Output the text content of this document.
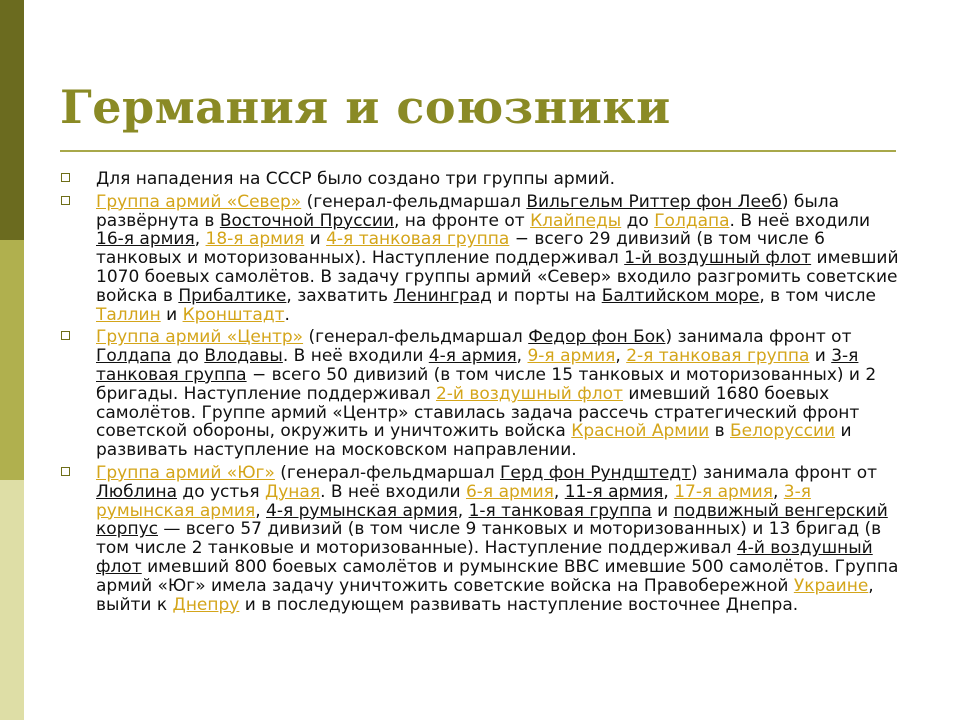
Германия и союзники
Для нападения на СССР было создано три группы армий.
Группа армий «Север» (генерал-фельдмаршал Вильгельм Риттер фон Лееб) была развёрнута в Восточной Пруссии, на фронте от Клайпеды до Голдапа. В неё входили 16-я армия, 18-я армия и 4-я танковая группа − всего 29 дивизий (в том числе 6 танковых и моторизованных). Наступление поддерживал 1-й воздушный флот имевший 1070 боевых самолётов. В задачу группы армий «Север» входило разгромить советские войска в Прибалтике, захватить Ленинград и порты на Балтийском море, в том числе Таллин и Кронштадт.
Группа армий «Центр» (генерал-фельдмаршал Федор фон Бок) занимала фронт от Голдапа до Влодавы. В неё входили 4-я армия, 9-я армия, 2-я танковая группа и 3-я танковая группа − всего 50 дивизий (в том числе 15 танковых и моторизованных) и 2 бригады. Наступление поддерживал 2-й воздушный флот имевший 1680 боевых самолётов. Группе армий «Центр» ставилась задача рассечь стратегический фронт советской обороны, окружить и уничтожить войска Красной Армии в Белоруссии и развивать наступление на московском направлении.
Группа армий «Юг» (генерал-фельдмаршал Герд фон Рундштедт) занимала фронт от Люблина до устья Дуная. В неё входили 6-я армия, 11-я армия, 17-я армия, 3-я румынская армия, 4-я румынская армия, 1-я танковая группа и подвижный венгерский корпус — всего 57 дивизий (в том числе 9 танковых и моторизованных) и 13 бригад (в том числе 2 танковые и моторизованные). Наступление поддерживал 4-й воздушный флот имевший 800 боевых самолётов и румынские ВВС имевшие 500 самолётов. Группа армий «Юг» имела задачу уничтожить советские войска на Правобережной Украине, выйти к Днепру и в последующем развивать наступление восточнее Днепра.
